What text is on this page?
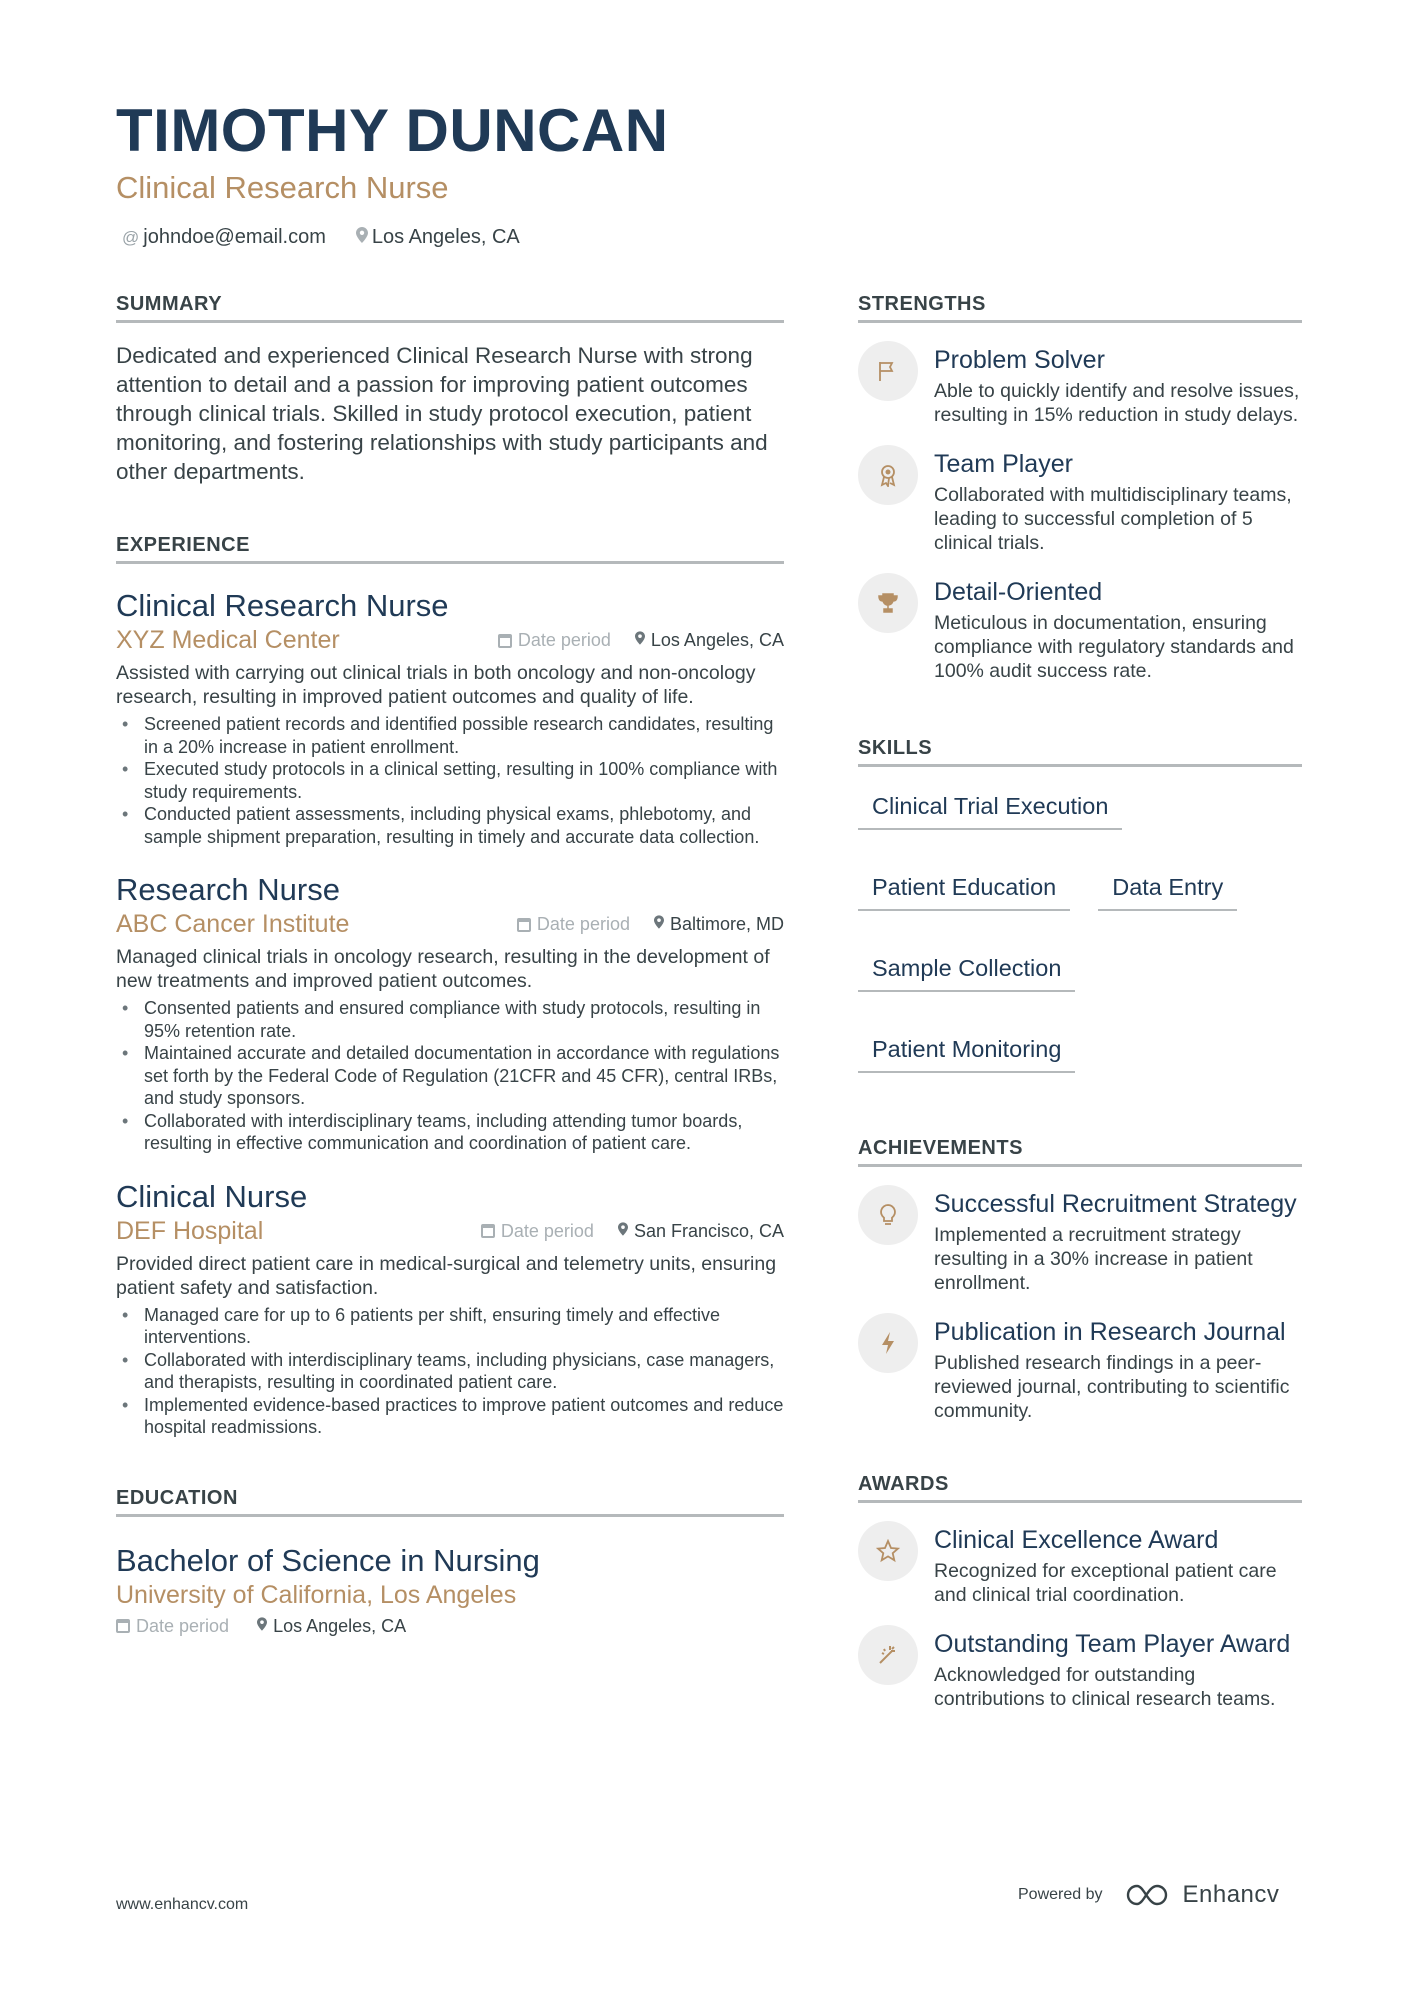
TIMOTHY DUNCAN
Clinical Research Nurse
@ johndoe@email.com Los Angeles, CA
SUMMARY

Dedicated and experienced Clinical Research Nurse with strong attention to detail and a passion for improving patient outcomes through clinical trials. Skilled in study protocol execution, patient monitoring, and fostering relationships with study participants and other departments.

EXPERIENCE
Clinical Research Nurse
XYZ Medical Center	Date period Los Angeles, CA
Assisted with carrying out clinical trials in both oncology and non-oncology research, resulting in improved patient outcomes and quality of life.
• Screened patient records and identified possible research candidates, resulting in a 20% increase in patient enrollment.
• Executed study protocols in a clinical setting, resulting in 100% compliance with study requirements.
• Conducted patient assessments, including physical exams, phlebotomy, and sample shipment preparation, resulting in timely and accurate data collection.
Research Nurse
ABC Cancer Institute	Date period Baltimore, MD
Managed clinical trials in oncology research, resulting in the development of new treatments and improved patient outcomes.
• Consented patients and ensured compliance with study protocols, resulting in 95% retention rate.
• Maintained accurate and detailed documentation in accordance with regulations set forth by the Federal Code of Regulation (21CFR and 45 CFR), central IRBs, and study sponsors.
• Collaborated with interdisciplinary teams, including attending tumor boards, resulting in effective communication and coordination of patient care.
Clinical Nurse
DEF Hospital	Date period San Francisco, CA
Provided direct patient care in medical-surgical and telemetry units, ensuring patient safety and satisfaction.
• Managed care for up to 6 patients per shift, ensuring timely and effective interventions.
• Collaborated with interdisciplinary teams, including physicians, case managers, and therapists, resulting in coordinated patient care.
• Implemented evidence-based practices to improve patient outcomes and reduce hospital readmissions.
EDUCATION
Bachelor of Science in Nursing
University of California, Los Angeles
Date period Los Angeles, CA
STRENGTHS
Problem Solver
Able to quickly identify and resolve issues, resulting in 15% reduction in study delays.
Team Player
Collaborated with multidisciplinary teams, leading to successful completion of 5 clinical trials.
Detail-Oriented
Meticulous in documentation, ensuring compliance with regulatory standards and 100% audit success rate.
SKILLS
Clinical Trial Execution
Patient Education	Data Entry
Sample Collection
Patient Monitoring
ACHIEVEMENTS
Successful Recruitment Strategy
Implemented a recruitment strategy resulting in a 30% increase in patient enrollment.
Publication in Research Journal
Published research findings in a peer-reviewed journal, contributing to scientific community.
AWARDS
Clinical Excellence Award
Recognized for exceptional patient care and clinical trial coordination.
Outstanding Team Player Award
Acknowledged for outstanding contributions to clinical research teams.
www.enhancv.com
Powered by	Enhancv
